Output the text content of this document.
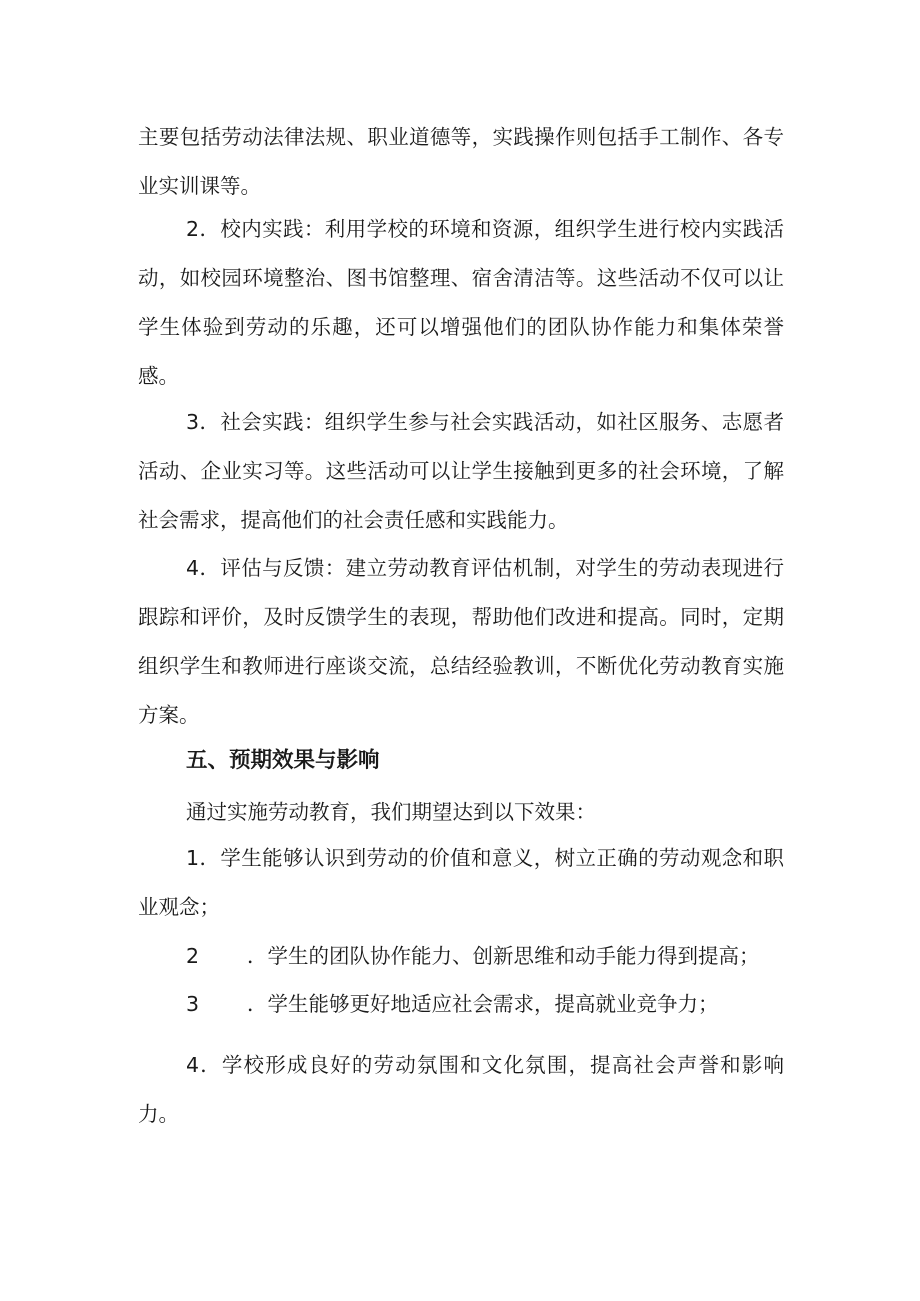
主要包括劳动法律法规、职业道德等，实践操作则包括手工制作、各专业实训课等。

2．校内实践：利用学校的环境和资源，组织学生进行校内实践活动，如校园环境整治、图书馆整理、宿舍清洁等。这些活动不仅可以让学生体验到劳动的乐趣，还可以增强他们的团队协作能力和集体荣誉感。

3．社会实践：组织学生参与社会实践活动，如社区服务、志愿者活动、企业实习等。这些活动可以让学生接触到更多的社会环境，了解社会需求，提高他们的社会责任感和实践能力。

4．评估与反馈：建立劳动教育评估机制，对学生的劳动表现进行跟踪和评价，及时反馈学生的表现，帮助他们改进和提高。同时，定期组织学生和教师进行座谈交流，总结经验教训，不断优化劳动教育实施方案。

五、预期效果与影响

通过实施劳动教育，我们期望达到以下效果：

1．学生能够认识到劳动的价值和意义，树立正确的劳动观念和职业观念；

2 ．学生的团队协作能力、创新思维和动手能力得到提高；

3 ．学生能够更好地适应社会需求，提高就业竞争力；

4．学校形成良好的劳动氛围和文化氛围，提高社会声誉和影响力。
